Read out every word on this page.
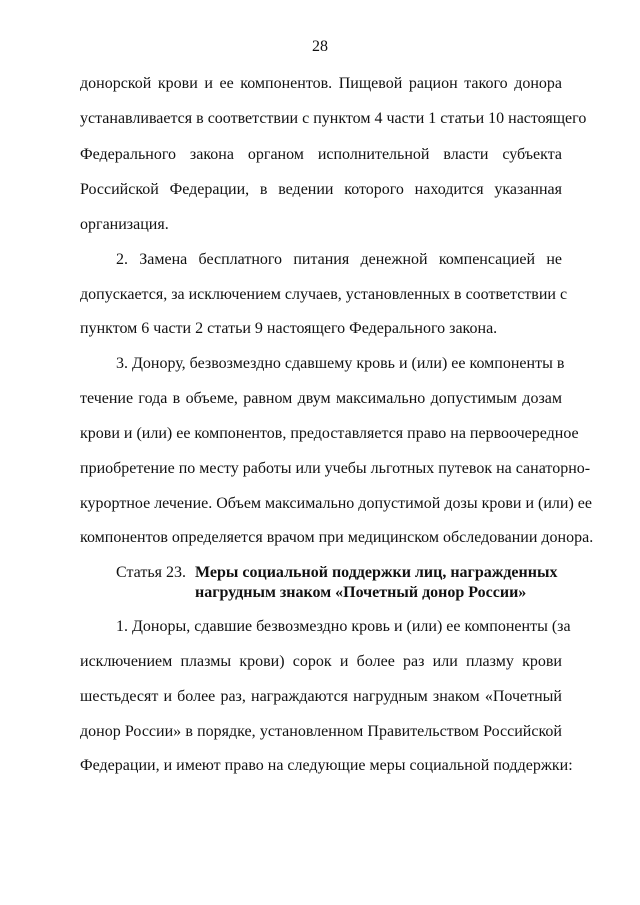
28
донорской крови и ее компонентов. Пищевой рацион такого донора
устанавливается в соответствии с пунктом 4 части 1 статьи 10 настоящего
Федерального закона органом исполнительной власти субъекта
Российской Федерации, в ведении которого находится указанная
организация.
2. Замена бесплатного питания денежной компенсацией не
допускается, за исключением случаев, установленных в соответствии с
пунктом 6 части 2 статьи 9 настоящего Федерального закона.
3. Донору, безвозмездно сдавшему кровь и (или) ее компоненты в
течение года в объеме, равном двум максимально допустимым дозам
крови и (или) ее компонентов, предоставляется право на первоочередное
приобретение по месту работы или учебы льготных путевок на санаторно-
курортное лечение. Объем максимально допустимой дозы крови и (или) ее
компонентов определяется врачом при медицинском обследовании донора.
Статья 23. Меры социальной поддержки лиц, награжденных
нагрудным знаком «Почетный донор России»
1. Доноры, сдавшие безвозмездно кровь и (или) ее компоненты (за
исключением плазмы крови) сорок и более раз или плазму крови
шестьдесят и более раз, награждаются нагрудным знаком «Почетный
донор России» в порядке, установленном Правительством Российской
Федерации, и имеют право на следующие меры социальной поддержки:
